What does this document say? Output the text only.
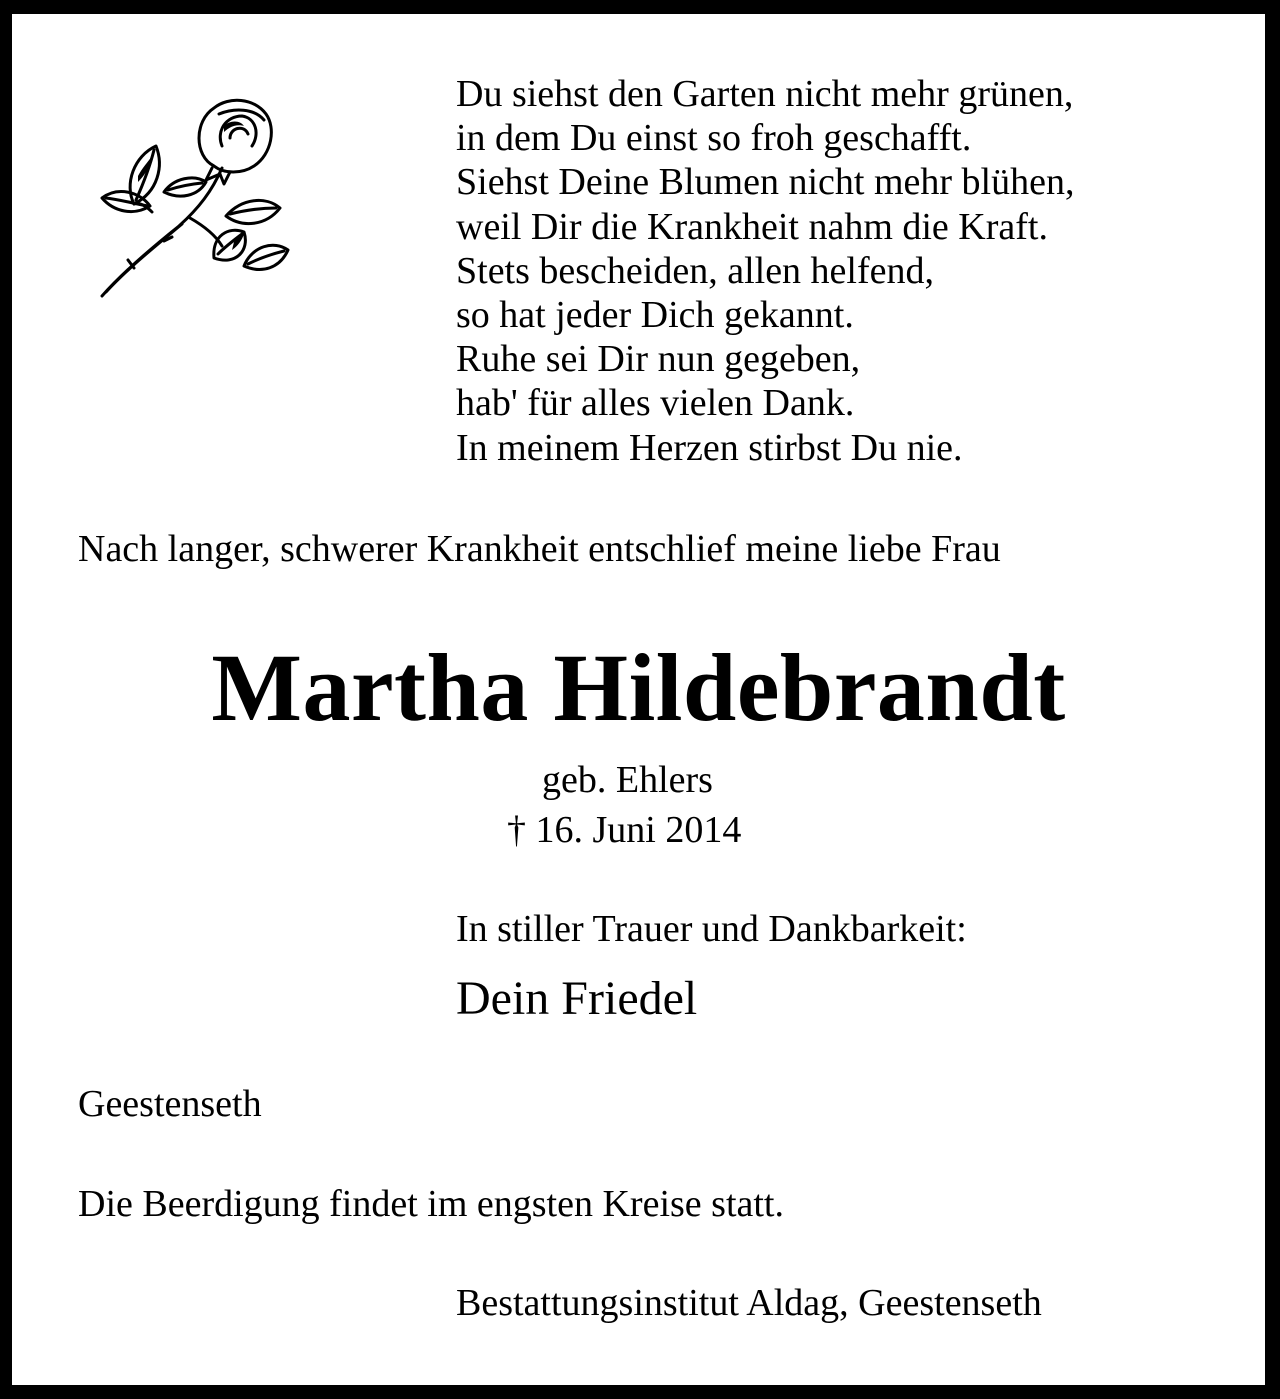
Du siehst den Garten nicht mehr grünen,
in dem Du einst so froh geschafft.
Siehst Deine Blumen nicht mehr blühen,
weil Dir die Krankheit nahm die Kraft.
Stets bescheiden, allen helfend,
so hat jeder Dich gekannt.
Ruhe sei Dir nun gegeben,
hab' für alles vielen Dank.
In meinem Herzen stirbst Du nie.
Nach langer, schwerer Krankheit entschlief meine liebe Frau
Martha Hildebrandt
geb. Ehlers
† 16. Juni 2014
In stiller Trauer und Dankbarkeit:
Dein Friedel
Geestenseth
Die Beerdigung findet im engsten Kreise statt.
Bestattungsinstitut Aldag, Geestenseth
